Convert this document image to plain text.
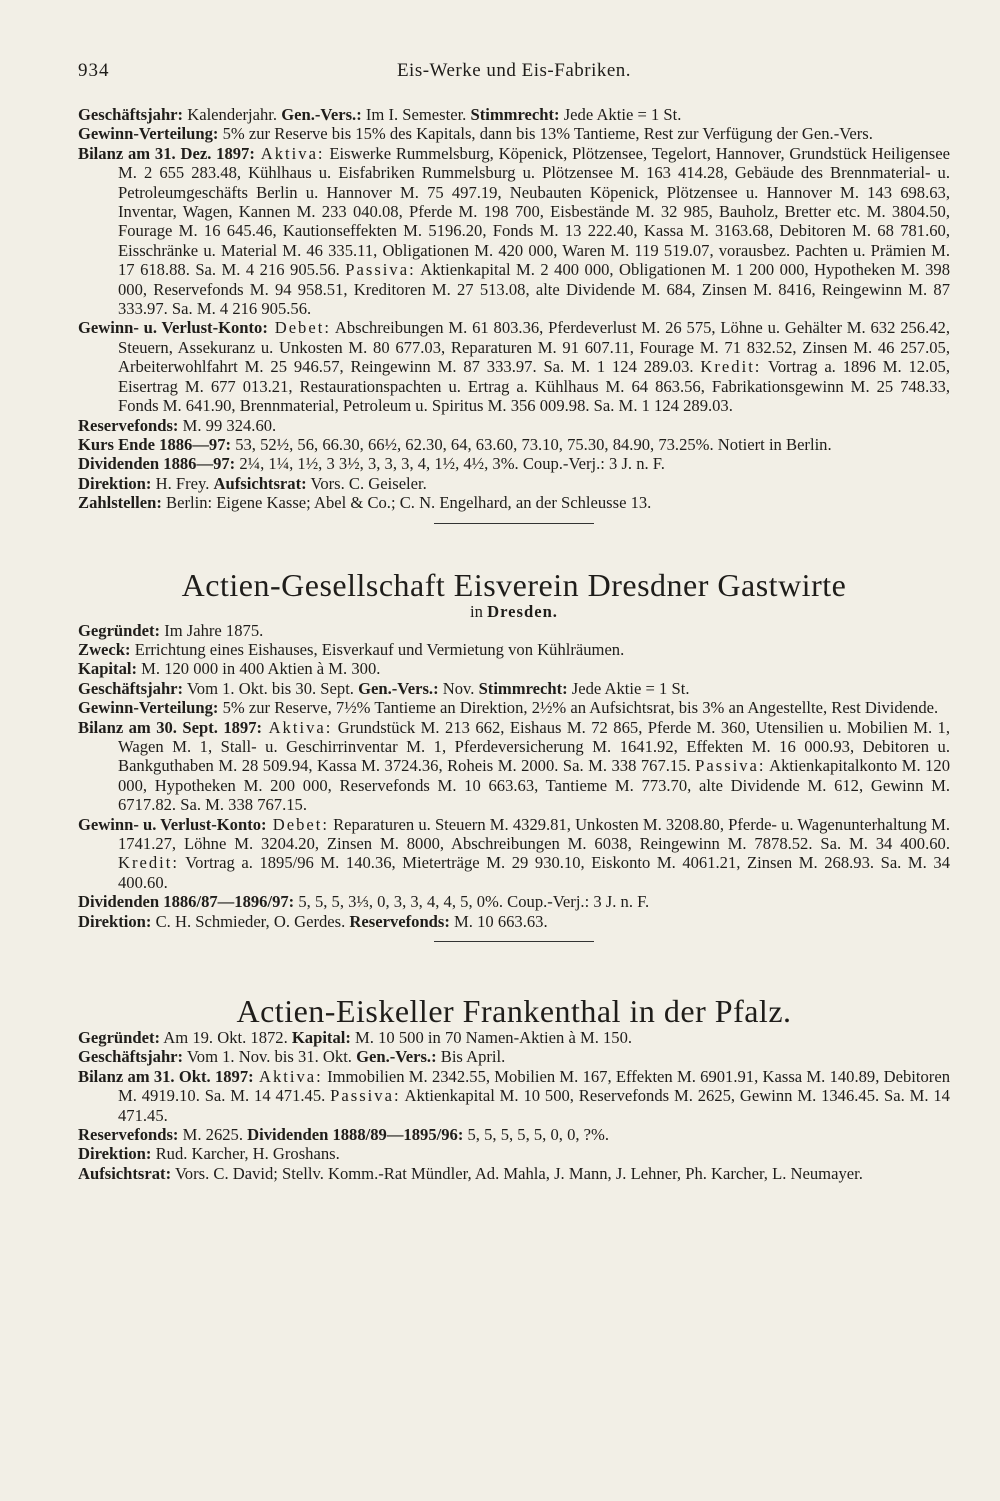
934	Eis-Werke und Eis-Fabriken.

Geschäftsjahr: Kalenderjahr. Gen.-Vers.: Im I. Semester. Stimmrecht: Jede Aktie = 1 St.

Gewinn-Verteilung: 5% zur Reserve bis 15% des Kapitals, dann bis 13% Tantieme, Rest zur Verfügung der Gen.-Vers.

Bilanz am 31. Dez. 1897: Aktiva: Eiswerke Rummelsburg, Köpenick, Plötzensee, Tegelort, Hannover, Grundstück Heiligensee M. 2 655 283.48, Kühlhaus u. Eisfabriken Rummelsburg u. Plötzensee M. 163 414.28, Gebäude des Brennmaterial- u. Petroleumgeschäfts Berlin u. Hannover M. 75 497.19, Neubauten Köpenick, Plötzensee u. Hannover M. 143 698.63, Inventar, Wagen, Kannen M. 233 040.08, Pferde M. 198 700, Eisbestände M. 32 985, Bauholz, Bretter etc. M. 3804.50, Fourage M. 16 645.46, Kautionseffekten M. 5196.20, Fonds M. 13 222.40, Kassa M. 3163.68, Debitoren M. 68 781.60, Eisschränke u. Material M. 46 335.11, Obligationen M. 420 000, Waren M. 119 519.07, vorausbez. Pachten u. Prämien M. 17 618.88. Sa. M. 4 216 905.56. Passiva: Aktienkapital M. 2 400 000, Obligationen M. 1 200 000, Hypotheken M. 398 000, Reservefonds M. 94 958.51, Kreditoren M. 27 513.08, alte Dividende M. 684, Zinsen M. 8416, Reingewinn M. 87 333.97. Sa. M. 4 216 905.56.

Gewinn- u. Verlust-Konto: Debet: Abschreibungen M. 61 803.36, Pferdeverlust M. 26 575, Löhne u. Gehälter M. 632 256.42, Steuern, Assekuranz u. Unkosten M. 80 677.03, Reparaturen M. 91 607.11, Fourage M. 71 832.52, Zinsen M. 46 257.05, Arbeiterwohlfahrt M. 25 946.57, Reingewinn M. 87 333.97. Sa. M. 1 124 289.03. Kredit: Vortrag a. 1896 M. 12.05, Eisertrag M. 677 013.21, Restaurationspachten u. Ertrag a. Kühlhaus M. 64 863.56, Fabrikationsgewinn M. 25 748.33, Fonds M. 641.90, Brennmaterial, Petroleum u. Spiritus M. 356 009.98. Sa. M. 1 124 289.03.

Reservefonds: M. 99 324.60.

Kurs Ende 1886—97: 53, 52½, 56, 66.30, 66½, 62.30, 64, 63.60, 73.10, 75.30, 84.90, 73.25%. Notiert in Berlin.

Dividenden 1886—97: 2¼, 1¼, 1½, 3 3½, 3, 3, 3, 4, 1½, 4½, 3%. Coup.-Verj.: 3 J. n. F.

Direktion: H. Frey. Aufsichtsrat: Vors. C. Geiseler.

Zahlstellen: Berlin: Eigene Kasse; Abel & Co.; C. N. Engelhard, an der Schleusse 13.

Actien-Gesellschaft Eisverein Dresdner Gastwirte
in Dresden.

Gegründet: Im Jahre 1875.

Zweck: Errichtung eines Eishauses, Eisverkauf und Vermietung von Kühlräumen.

Kapital: M. 120 000 in 400 Aktien à M. 300.

Geschäftsjahr: Vom 1. Okt. bis 30. Sept. Gen.-Vers.: Nov. Stimmrecht: Jede Aktie = 1 St.

Gewinn-Verteilung: 5% zur Reserve, 7½% Tantieme an Direktion, 2½% an Aufsichtsrat, bis 3% an Angestellte, Rest Dividende.

Bilanz am 30. Sept. 1897: Aktiva: Grundstück M. 213 662, Eishaus M. 72 865, Pferde M. 360, Utensilien u. Mobilien M. 1, Wagen M. 1, Stall- u. Geschirrinventar M. 1, Pferdeversicherung M. 1641.92, Effekten M. 16 000.93, Debitoren u. Bankguthaben M. 28 509.94, Kassa M. 3724.36, Roheis M. 2000. Sa. M. 338 767.15. Passiva: Aktienkapitalkonto M. 120 000, Hypotheken M. 200 000, Reservefonds M. 10 663.63, Tantieme M. 773.70, alte Dividende M. 612, Gewinn M. 6717.82. Sa. M. 338 767.15.

Gewinn- u. Verlust-Konto: Debet: Reparaturen u. Steuern M. 4329.81, Unkosten M. 3208.80, Pferde- u. Wagenunterhaltung M. 1741.27, Löhne M. 3204.20, Zinsen M. 8000, Abschreibungen M. 6038, Reingewinn M. 7878.52. Sa. M. 34 400.60. Kredit: Vortrag a. 1895/96 M. 140.36, Mieterträge M. 29 930.10, Eiskonto M. 4061.21, Zinsen M. 268.93. Sa. M. 34 400.60.

Dividenden 1886/87—1896/97: 5, 5, 5, 3⅓, 0, 3, 3, 4, 4, 5, 0%. Coup.-Verj.: 3 J. n. F.

Direktion: C. H. Schmieder, O. Gerdes. Reservefonds: M. 10 663.63.

Actien-Eiskeller Frankenthal in der Pfalz.

Gegründet: Am 19. Okt. 1872. Kapital: M. 10 500 in 70 Namen-Aktien à M. 150.

Geschäftsjahr: Vom 1. Nov. bis 31. Okt. Gen.-Vers.: Bis April.

Bilanz am 31. Okt. 1897: Aktiva: Immobilien M. 2342.55, Mobilien M. 167, Effekten M. 6901.91, Kassa M. 140.89, Debitoren M. 4919.10. Sa. M. 14 471.45. Passiva: Aktienkapital M. 10 500, Reservefonds M. 2625, Gewinn M. 1346.45. Sa. M. 14 471.45.

Reservefonds: M. 2625. Dividenden 1888/89—1895/96: 5, 5, 5, 5, 5, 0, 0, ?%.

Direktion: Rud. Karcher, H. Groshans.

Aufsichtsrat: Vors. C. David; Stellv. Komm.-Rat Mündler, Ad. Mahla, J. Mann, J. Lehner, Ph. Karcher, L. Neumayer.
